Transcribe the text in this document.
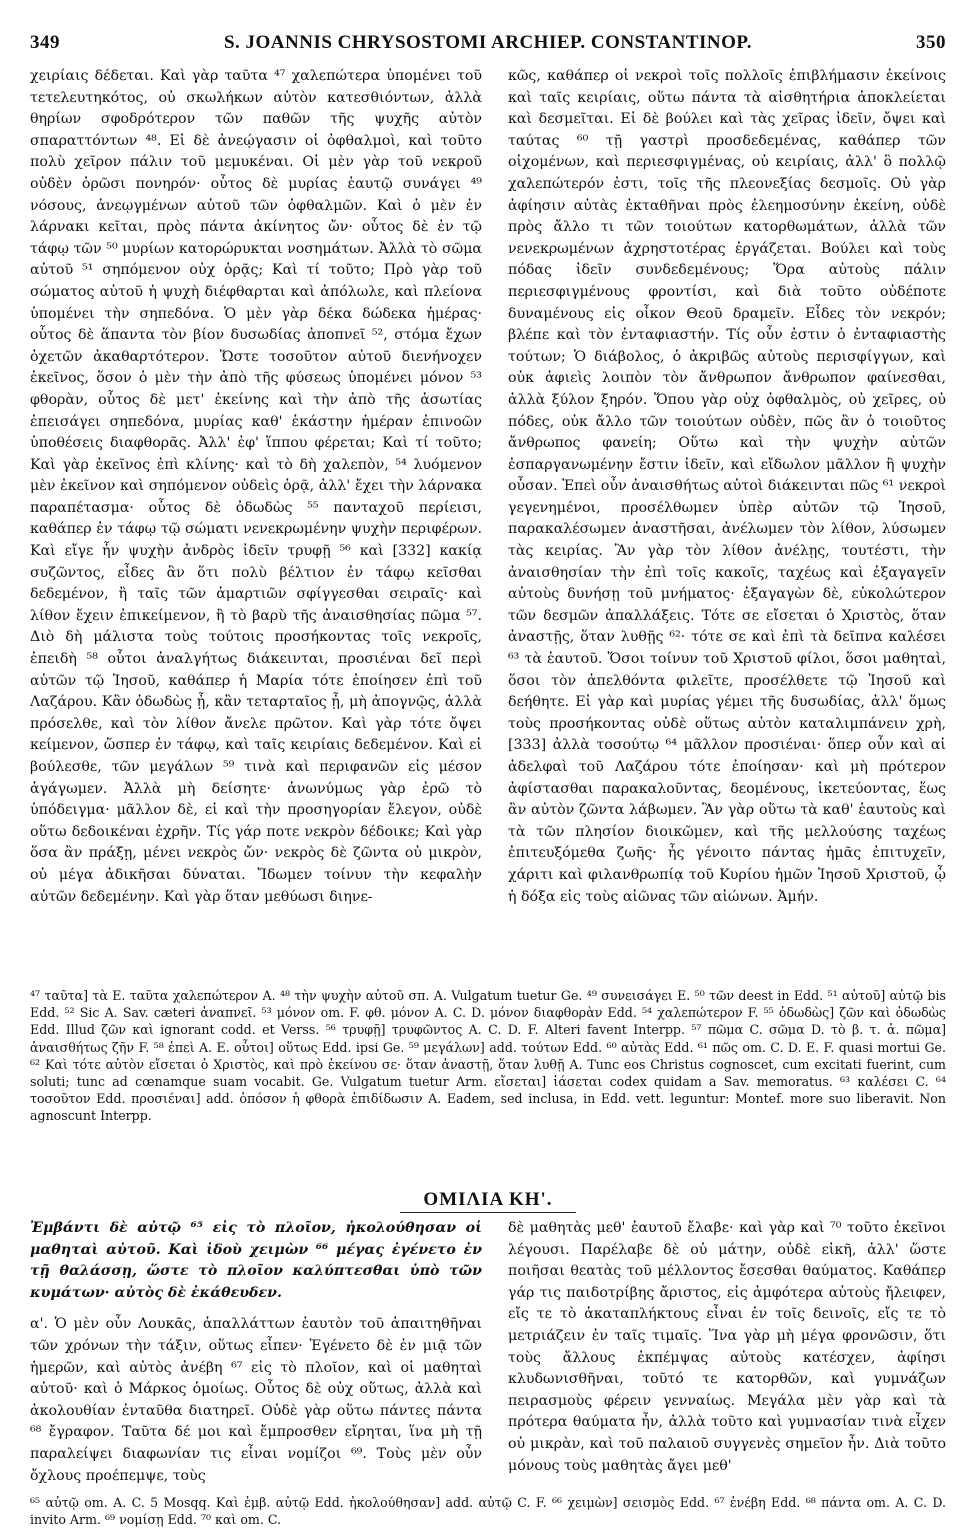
349	S. JOANNIS CHRYSOSTOMI ARCHIEP. CONSTANTINOP.	350

χειρίαις δέδεται. Καὶ γὰρ ταῦτα ⁴⁷ χαλεπώτερα ὑπομένει τοῦ τετελευτηκότος, οὐ σκωλήκων αὐτὸν κατεσθιόντων, ἀλλὰ θηρίων σφοδρότερον τῶν παθῶν τῆς ψυχῆς αὐτὸν σπαραττόντων ⁴⁸. Εἰ δὲ ἀνεῴγασιν οἱ ὀφθαλμοὶ, καὶ τοῦτο πολὺ χεῖρον πάλιν τοῦ μεμυκέναι. Οἱ μὲν γὰρ τοῦ νεκροῦ οὐδὲν ὁρῶσι πονηρόν· οὗτος δὲ μυρίας ἑαυτῷ συνάγει ⁴⁹ νόσους, ἀνεῳγμένων αὐτοῦ τῶν ὀφθαλμῶν. Καὶ ὁ μὲν ἐν λάρνακι κεῖται, πρὸς πάντα ἀκίνητος ὤν· οὗτος δὲ ἐν τῷ τάφῳ τῶν ⁵⁰ μυρίων κατορώρυκται νοσημάτων. Ἀλλὰ τὸ σῶμα αὐτοῦ ⁵¹ σηπόμενον οὐχ ὁρᾷς; Καὶ τί τοῦτο; Πρὸ γὰρ τοῦ σώματος αὐτοῦ ἡ ψυχὴ διέφθαρται καὶ ἀπόλωλε, καὶ πλείονα ὑπομένει τὴν σηπεδόνα. Ὁ μὲν γὰρ δέκα δώδεκα ἡμέρας· οὗτος δὲ ἅπαντα τὸν βίον δυσωδίας ἀποπνεῖ ⁵², στόμα ἔχων ὀχετῶν ἀκαθαρτότερον. Ὥστε τοσοῦτον αὐτοῦ διενήνοχεν ἐκεῖνος, ὅσον ὁ μὲν τὴν ἀπὸ τῆς φύσεως ὑπομένει μόνον ⁵³ φθορὰν, οὗτος δὲ μετ' ἐκείνης καὶ τὴν ἀπὸ τῆς ἀσωτίας ἐπεισάγει σηπεδόνα, μυρίας καθ' ἑκάστην ἡμέραν ἐπινοῶν ὑποθέσεις διαφθορᾶς. Ἀλλ' ἐφ' ἵππου φέρεται; Καὶ τί τοῦτο; Καὶ γὰρ ἐκεῖνος ἐπὶ κλίνης· καὶ τὸ δὴ χαλεπὸν, ⁵⁴ λυόμενον μὲν ἐκεῖνον καὶ σηπόμενον οὐδεὶς ὁρᾷ, ἀλλ' ἔχει τὴν λάρνακα παραπέτασμα· οὗτος δὲ ὀδωδὼς ⁵⁵ πανταχοῦ περίεισι, καθάπερ ἐν τάφῳ τῷ σώματι νενεκρωμένην ψυχὴν περιφέρων. Καὶ εἴγε ἦν ψυχὴν ἀνδρὸς ἰδεῖν τρυφῇ ⁵⁶ καὶ [332] κακίᾳ συζῶντος, εἶδες ἂν ὅτι πολὺ βέλτιον ἐν τάφῳ κεῖσθαι δεδεμένον, ἢ ταῖς τῶν ἁμαρτιῶν σφίγγεσθαι σειραῖς· καὶ λίθον ἔχειν ἐπικείμενον, ἢ τὸ βαρὺ τῆς ἀναισθησίας πῶμα ⁵⁷. Διὸ δὴ μάλιστα τοὺς τούτοις προσήκοντας τοῖς νεκροῖς, ἐπειδὴ ⁵⁸ οὗτοι ἀναλγήτως διάκεινται, προσιέναι δεῖ περὶ αὐτῶν τῷ Ἰησοῦ, καθάπερ ἡ Μαρία τότε ἐποίησεν ἐπὶ τοῦ Λαζάρου. Κἂν ὀδωδὼς ᾖ, κἂν τεταρταῖος ᾖ, μὴ ἀπογνῷς, ἀλλὰ πρόσελθε, καὶ τὸν λίθον ἄνελε πρῶτον. Καὶ γὰρ τότε ὄψει κείμενον, ὥσπερ ἐν τάφῳ, καὶ ταῖς κειρίαις δεδεμένον. Καὶ εἰ βούλεσθε, τῶν μεγάλων ⁵⁹ τινὰ καὶ περιφανῶν εἰς μέσον ἀγάγωμεν. Ἀλλὰ μὴ δείσητε· ἀνωνύμως γὰρ ἐρῶ τὸ ὑπόδειγμα· μᾶλλον δὲ, εἰ καὶ τὴν προσηγορίαν ἔλεγον, οὐδὲ οὕτω δεδοικέναι ἐχρῆν. Τίς γάρ ποτε νεκρὸν δέδοικε; Καὶ γὰρ ὅσα ἂν πράξῃ, μένει νεκρὸς ὤν· νεκρὸς δὲ ζῶντα οὐ μικρὸν, οὐ μέγα ἀδικῆσαι δύναται. Ἴδωμεν τοίνυν τὴν κεφαλὴν αὐτῶν δεδεμένην. Καὶ γὰρ ὅταν μεθύωσι διηνε-

κῶς, καθάπερ οἱ νεκροὶ τοῖς πολλοῖς ἐπιβλήμασιν ἐκείνοις καὶ ταῖς κειρίαις, οὕτω πάντα τὰ αἰσθητήρια ἀποκλείεται καὶ δεσμεῖται. Εἰ δὲ βούλει καὶ τὰς χεῖρας ἰδεῖν, ὄψει καὶ ταύτας ⁶⁰ τῇ γαστρὶ προσδεδεμένας, καθάπερ τῶν οἰχομένων, καὶ περιεσφιγμένας, οὐ κειρίαις, ἀλλ' ὃ πολλῷ χαλεπώτερόν ἐστι, τοῖς τῆς πλεονεξίας δεσμοῖς. Οὐ γὰρ ἀφίησιν αὐτὰς ἐκταθῆναι πρὸς ἐλεημοσύνην ἐκείνη, οὐδὲ πρὸς ἄλλο τι τῶν τοιούτων κατορθωμάτων, ἀλλὰ τῶν νενεκρωμένων ἀχρηστοτέρας ἐργάζεται. Βούλει καὶ τοὺς πόδας ἰδεῖν συνδεδεμένους; Ὅρα αὐτοὺς πάλιν περιεσφιγμένους φροντίσι, καὶ διὰ τοῦτο οὐδέποτε δυναμένους εἰς οἶκον Θεοῦ δραμεῖν. Εἶδες τὸν νεκρόν; βλέπε καὶ τὸν ἐνταφιαστήν. Τίς οὖν ἐστιν ὁ ἐνταφιαστὴς τούτων; Ὁ διάβολος, ὁ ἀκριβῶς αὐτοὺς περισφίγγων, καὶ οὐκ ἀφιεὶς λοιπὸν τὸν ἄνθρωπον ἄνθρωπον φαίνεσθαι, ἀλλὰ ξύλον ξηρόν. Ὅπου γὰρ οὐχ ὀφθαλμὸς, οὐ χεῖρες, οὐ πόδες, οὐκ ἄλλο τῶν τοιούτων οὐδὲν, πῶς ἂν ὁ τοιοῦτος ἄνθρωπος φανείη; Οὕτω καὶ τὴν ψυχὴν αὐτῶν ἐσπαργανωμένην ἔστιν ἰδεῖν, καὶ εἴδωλον μᾶλλον ἢ ψυχὴν οὖσαν. Ἐπεὶ οὖν ἀναισθήτως αὐτοὶ διάκεινται πῶς ⁶¹ νεκροὶ γεγενημένοι, προσέλθωμεν ὑπὲρ αὐτῶν τῷ Ἰησοῦ, παρακαλέσωμεν ἀναστῆσαι, ἀνέλωμεν τὸν λίθον, λύσωμεν τὰς κειρίας. Ἂν γὰρ τὸν λίθον ἀνέλῃς, τουτέστι, τὴν ἀναισθησίαν τὴν ἐπὶ τοῖς κακοῖς, ταχέως καὶ ἐξαγαγεῖν αὐτοὺς δυνήσῃ τοῦ μνήματος· ἐξαγαγὼν δὲ, εὐκολώτερον τῶν δεσμῶν ἀπαλλάξεις. Τότε σε εἴσεται ὁ Χριστὸς, ὅταν ἀναστῇς, ὅταν λυθῇς ⁶²· τότε σε καὶ ἐπὶ τὰ δεῖπνα καλέσει ⁶³ τὰ ἑαυτοῦ. Ὅσοι τοίνυν τοῦ Χριστοῦ φίλοι, ὅσοι μαθηταὶ, ὅσοι τὸν ἀπελθόντα φιλεῖτε, προσέλθετε τῷ Ἰησοῦ καὶ δεήθητε. Εἰ γὰρ καὶ μυρίας γέμει τῆς δυσωδίας, ἀλλ' ὅμως τοὺς προσήκοντας οὐδὲ οὕτως αὐτὸν καταλιμπάνειν χρὴ, [333] ἀλλὰ τοσούτῳ ⁶⁴ μᾶλλον προσιέναι· ὅπερ οὖν καὶ αἱ ἀδελφαὶ τοῦ Λαζάρου τότε ἐποίησαν· καὶ μὴ πρότερον ἀφίστασθαι παρακαλοῦντας, δεομένους, ἱκετεύοντας, ἕως ἂν αὐτὸν ζῶντα λάβωμεν. Ἂν γὰρ οὕτω τὰ καθ' ἑαυτοὺς καὶ τὰ τῶν πλησίον διοικῶμεν, καὶ τῆς μελλούσης ταχέως ἐπιτευξόμεθα ζωῆς· ἧς γένοιτο πάντας ἡμᾶς ἐπιτυχεῖν, χάριτι καὶ φιλανθρωπίᾳ τοῦ Κυρίου ἡμῶν Ἰησοῦ Χριστοῦ, ᾧ ἡ δόξα εἰς τοὺς αἰῶνας τῶν αἰώνων. Ἀμήν.

⁴⁷ ταῦτα] τὰ E. ταῦτα χαλεπώτερον A. ⁴⁸ τὴν ψυχὴν αὐτοῦ σπ. A. Vulgatum tuetur Ge. ⁴⁹ συνεισάγει E. ⁵⁰ τῶν deest in Edd. ⁵¹ αὐτοῦ] αὐτῷ bis Edd. ⁵² Sic A. Sav. cæteri ἀναπνεῖ. ⁵³ μόνον om. F. φθ. μόνον A. C. D. μόνον διαφθορὰν Edd. ⁵⁴ χαλεπώτερον F. ⁵⁵ ὀδωδὼς] ζῶν καὶ ὀδωδὼς Edd. Illud ζῶν καὶ ignorant codd. et Verss. ⁵⁶ τρυφῇ] τρυφῶντος A. C. D. F. Alteri favent Interpp. ⁵⁷ πῶμα C. σῶμα D. τὸ β. τ. ἀ. πῶμα] ἀναισθήτως ζῆν F. ⁵⁸ ἐπεὶ A. E. οὗτοι] οὕτως Edd. ipsi Ge. ⁵⁹ μεγάλων] add. τούτων Edd. ⁶⁰ αὐτὰς Edd. ⁶¹ πῶς om. C. D. E. F. quasi mortui Ge. ⁶² Καὶ τότε αὐτὸν εἴσεται ὁ Χριστὸς, καὶ πρὸ ἐκείνου σε· ὅταν ἀναστῇ, ὅταν λυθῇ A. Tunc eos Christus cognoscet, cum excitati fuerint, cum soluti; tunc ad cœnamque suam vocabit. Ge. Vulgatum tuetur Arm. εἴσεται] ἰάσεται codex quidam a Sav. memoratus. ⁶³ καλέσει C. ⁶⁴ τοσοῦτον Edd. προσιέναι] add. ὁπόσον ἡ φθορὰ ἐπιδίδωσιν A. Eadem, sed inclusa, in Edd. vett. leguntur: Montef. more suo liberavit. Non agnoscunt Interpp.

ΟΜΙΛΙΑ ΚΗ'.

Ἐμβάντι δὲ αὐτῷ ⁶⁵ εἰς τὸ πλοῖον, ἠκολούθησαν οἱ μαθηταὶ αὐτοῦ. Καὶ ἰδοὺ χειμὼν ⁶⁶ μέγας ἐγένετο ἐν τῇ θαλάσσῃ, ὥστε τὸ πλοῖον καλύπτεσθαι ὑπὸ τῶν κυμάτων· αὐτὸς δὲ ἐκάθευδεν.

α'. Ὁ μὲν οὖν Λουκᾶς, ἀπαλλάττων ἑαυτὸν τοῦ ἀπαιτηθῆναι τῶν χρόνων τὴν τάξιν, οὕτως εἶπεν· Ἐγένετο δὲ ἐν μιᾷ τῶν ἡμερῶν, καὶ αὐτὸς ἀνέβη ⁶⁷ εἰς τὸ πλοῖον, καὶ οἱ μαθηταὶ αὐτοῦ· καὶ ὁ Μάρκος ὁμοίως. Οὗτος δὲ οὐχ οὕτως, ἀλλὰ καὶ ἀκολουθίαν ἐνταῦθα διατηρεῖ. Οὐδὲ γὰρ οὕτω πάντες πάντα ⁶⁸ ἔγραφον. Ταῦτα δέ μοι καὶ ἔμπροσθεν εἴρηται, ἵνα μὴ τῇ παραλείψει διαφωνίαν τις εἶναι νομίζοι ⁶⁹. Τοὺς μὲν οὖν ὄχλους προέπεμψε, τοὺς

δὲ μαθητὰς μεθ' ἑαυτοῦ ἔλαβε· καὶ γὰρ καὶ ⁷⁰ τοῦτο ἐκεῖνοι λέγουσι. Παρέλαβε δὲ οὐ μάτην, οὐδὲ εἰκῆ, ἀλλ' ὥστε ποιῆσαι θεατὰς τοῦ μέλλοντος ἔσεσθαι θαύματος. Καθάπερ γάρ τις παιδοτρίβης ἄριστος, εἰς ἀμφότερα αὐτοὺς ἤλειφεν, εἴς τε τὸ ἀκαταπλήκτους εἶναι ἐν τοῖς δεινοῖς, εἴς τε τὸ μετριάζειν ἐν ταῖς τιμαῖς. Ἵνα γὰρ μὴ μέγα φρονῶσιν, ὅτι τοὺς ἄλλους ἐκπέμψας αὐτοὺς κατέσχεν, ἀφίησι κλυδωνισθῆναι, τοῦτό τε κατορθῶν, καὶ γυμνάζων πειρασμοὺς φέρειν γενναίως. Μεγάλα μὲν γὰρ καὶ τὰ πρότερα θαύματα ἦν, ἀλλὰ τοῦτο καὶ γυμνασίαν τινὰ εἶχεν οὐ μικρὰν, καὶ τοῦ παλαιοῦ συγγενὲς σημεῖον ἦν. Διὰ τοῦτο μόνους τοὺς μαθητὰς ἄγει μεθ'

⁶⁵ αὐτῷ om. A. C. 5 Mosqq. Καὶ ἐμβ. αὐτῷ Edd. ἠκολούθησαν] add. αὐτῷ C. F. ⁶⁶ χειμὼν] σεισμὸς Edd. ⁶⁷ ἐνέβη Edd. ⁶⁸ πάντα om. A. C. D. invito Arm. ⁶⁹ νομίσῃ Edd. ⁷⁰ καὶ om. C.
